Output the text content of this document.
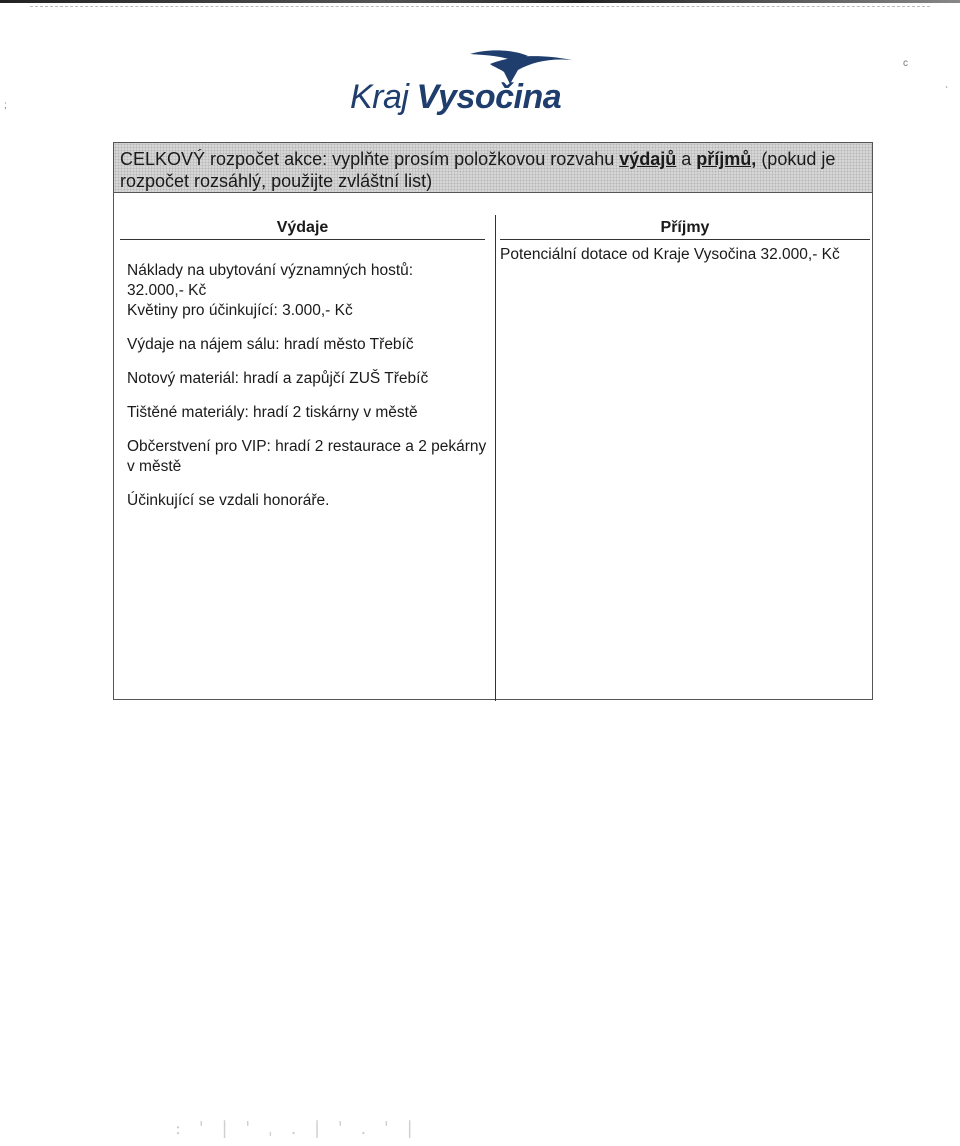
Kraj Vysočina
c
ˋ
;
CELKOVÝ rozpočet akce: vyplňte prosím položkovou rozvahu výdajů a příjmů, (pokud je rozpočet rozsáhlý, použijte zvláštní list)
Výdaje	Příjmy

Náklady na ubytování významných hostů:

32.000,- Kč

Květiny pro účinkující: 3.000,- Kč

Výdaje na nájem sálu: hradí město Třebíč

Notový materiál: hradí a zapůjčí ZUŠ Třebíč

Tištěné materiály: hradí 2 tiskárny v městě

Občerstvení pro VIP: hradí 2 restaurace a 2 pekárny v městě

Účinkující se vzdali honoráře.

Potenciální dotace od Kraje Vysočina 32.000,- Kč
: ' | ' ˌ . | ' . ' |
